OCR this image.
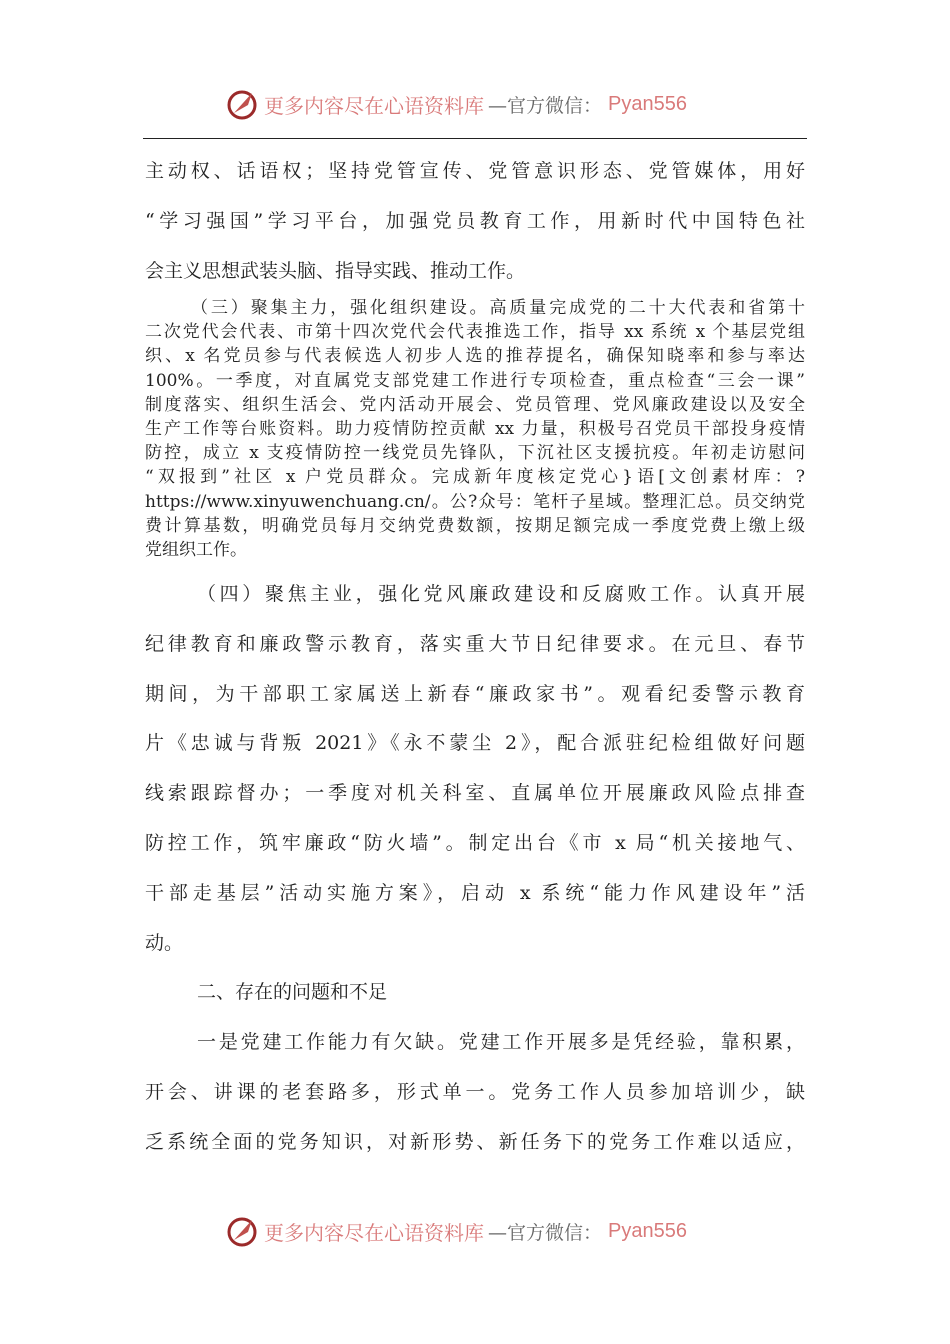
更多内容尽在心语资料库 —官方微信： Pyan556
主动权、话语权；坚持党管宣传、党管意识形态、党管媒体，用好
“学习强国”学习平台，加强党员教育工作，用新时代中国特色社
会主义思想武装头脑、指导实践、推动工作。
（三）聚集主力，强化组织建设。高质量完成党的二十大代表和省第十
二次党代会代表、市第十四次党代会代表推选工作，指导 xx 系统 x 个基层党组
织、x 名党员参与代表候选人初步人选的推荐提名，确保知晓率和参与率达
100%。一季度，对直属党支部党建工作进行专项检查，重点检查“三会一课”
制度落实、组织生活会、党内活动开展会、党员管理、党风廉政建设以及安全
生产工作等台账资料。助力疫情防控贡献 xx 力量，积极号召党员干部投身疫情
防控，成立 x 支疫情防控一线党员先锋队，下沉社区支援抗疫。年初走访慰问
“双报到”社区 x 户党员群众。完成新年度核定党心}语[文创素材库：?
https://www.xinyuwenchuang.cn/。公?众号：笔杆子星域。整理汇总。员交纳党
费计算基数，明确党员每月交纳党费数额，按期足额完成一季度党费上缴上级
党组织工作。
（四）聚焦主业，强化党风廉政建设和反腐败工作。认真开展
纪律教育和廉政警示教育，落实重大节日纪律要求。在元旦、春节
期间，为干部职工家属送上新春“廉政家书”。观看纪委警示教育
片《忠诚与背叛 2021》《永不蒙尘 2》，配合派驻纪检组做好问题
线索跟踪督办；一季度对机关科室、直属单位开展廉政风险点排查
防控工作，筑牢廉政“防火墙”。制定出台《市 x 局“机关接地气、
干部走基层”活动实施方案》，启动 x 系统“能力作风建设年”活
动。
二、存在的问题和不足
一是党建工作能力有欠缺。党建工作开展多是凭经验，靠积累，
开会、讲课的老套路多，形式单一。党务工作人员参加培训少，缺
乏系统全面的党务知识，对新形势、新任务下的党务工作难以适应，
更多内容尽在心语资料库 —官方微信： Pyan556
